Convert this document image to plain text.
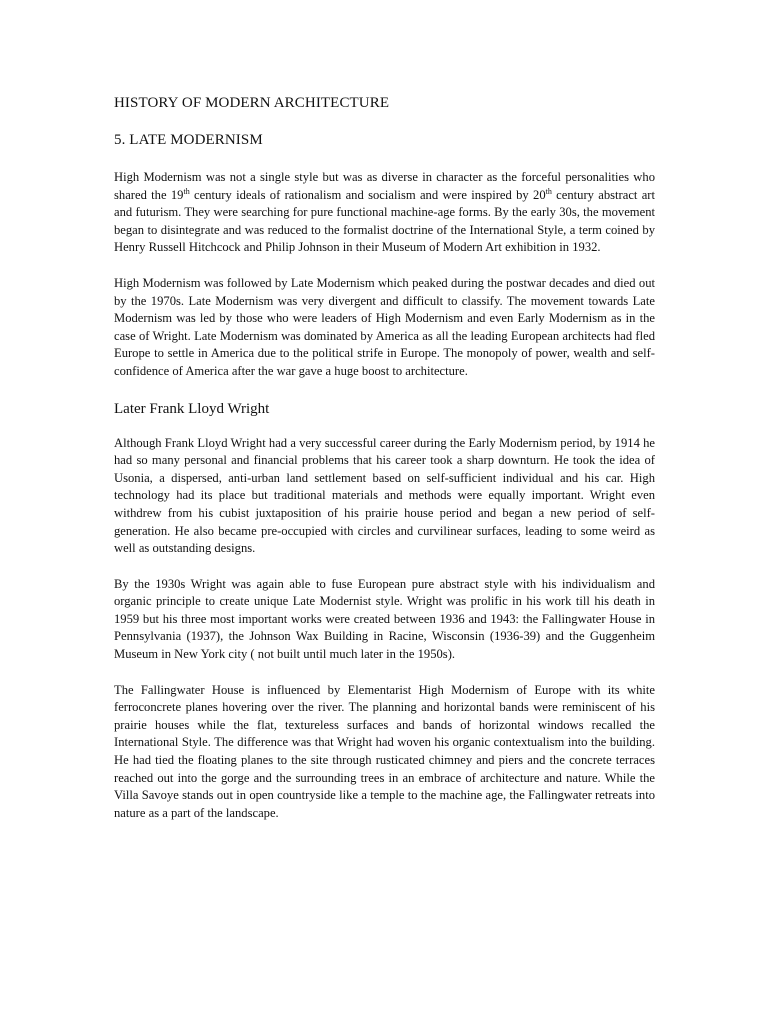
HISTORY OF MODERN ARCHITECTURE
5. LATE MODERNISM

High Modernism was not a single style but was as diverse in character as the forceful personalities who shared the 19th century ideals of rationalism and socialism and were inspired by 20th century abstract art and futurism. They were searching for pure functional machine-age forms. By the early 30s, the movement began to disintegrate and was reduced to the formalist doctrine of the International Style, a term coined by Henry Russell Hitchcock and Philip Johnson in their Museum of Modern Art exhibition in 1932.

High Modernism was followed by Late Modernism which peaked during the postwar decades and died out by the 1970s. Late Modernism was very divergent and difficult to classify. The movement towards Late Modernism was led by those who were leaders of High Modernism and even Early Modernism as in the case of Wright. Late Modernism was dominated by America as all the leading European architects had fled Europe to settle in America due to the political strife in Europe. The monopoly of power, wealth and self-confidence of America after the war gave a huge boost to architecture.

Later Frank Lloyd Wright

Although Frank Lloyd Wright had a very successful career during the Early Modernism period, by 1914 he had so many personal and financial problems that his career took a sharp downturn. He took the idea of Usonia, a dispersed, anti-urban land settlement based on self-sufficient individual and his car. High technology had its place but traditional materials and methods were equally important. Wright even withdrew from his cubist juxtaposition of his prairie house period and began a new period of self-generation. He also became pre-occupied with circles and curvilinear surfaces, leading to some weird as well as outstanding designs.

By the 1930s Wright was again able to fuse European pure abstract style with his individualism and organic principle to create unique Late Modernist style. Wright was prolific in his work till his death in 1959 but his three most important works were created between 1936 and 1943: the Fallingwater House in Pennsylvania (1937), the Johnson Wax Building in Racine, Wisconsin (1936-39) and the Guggenheim Museum in New York city ( not built until much later in the 1950s).

The Fallingwater House is influenced by Elementarist High Modernism of Europe with its white ferroconcrete planes hovering over the river. The planning and horizontal bands were reminiscent of his prairie houses while the flat, textureless surfaces and bands of horizontal windows recalled the International Style. The difference was that Wright had woven his organic contextualism into the building. He had tied the floating planes to the site through rusticated chimney and piers and the concrete terraces reached out into the gorge and the surrounding trees in an embrace of architecture and nature. While the Villa Savoye stands out in open countryside like a temple to the machine age, the Fallingwater retreats into nature as a part of the landscape.
